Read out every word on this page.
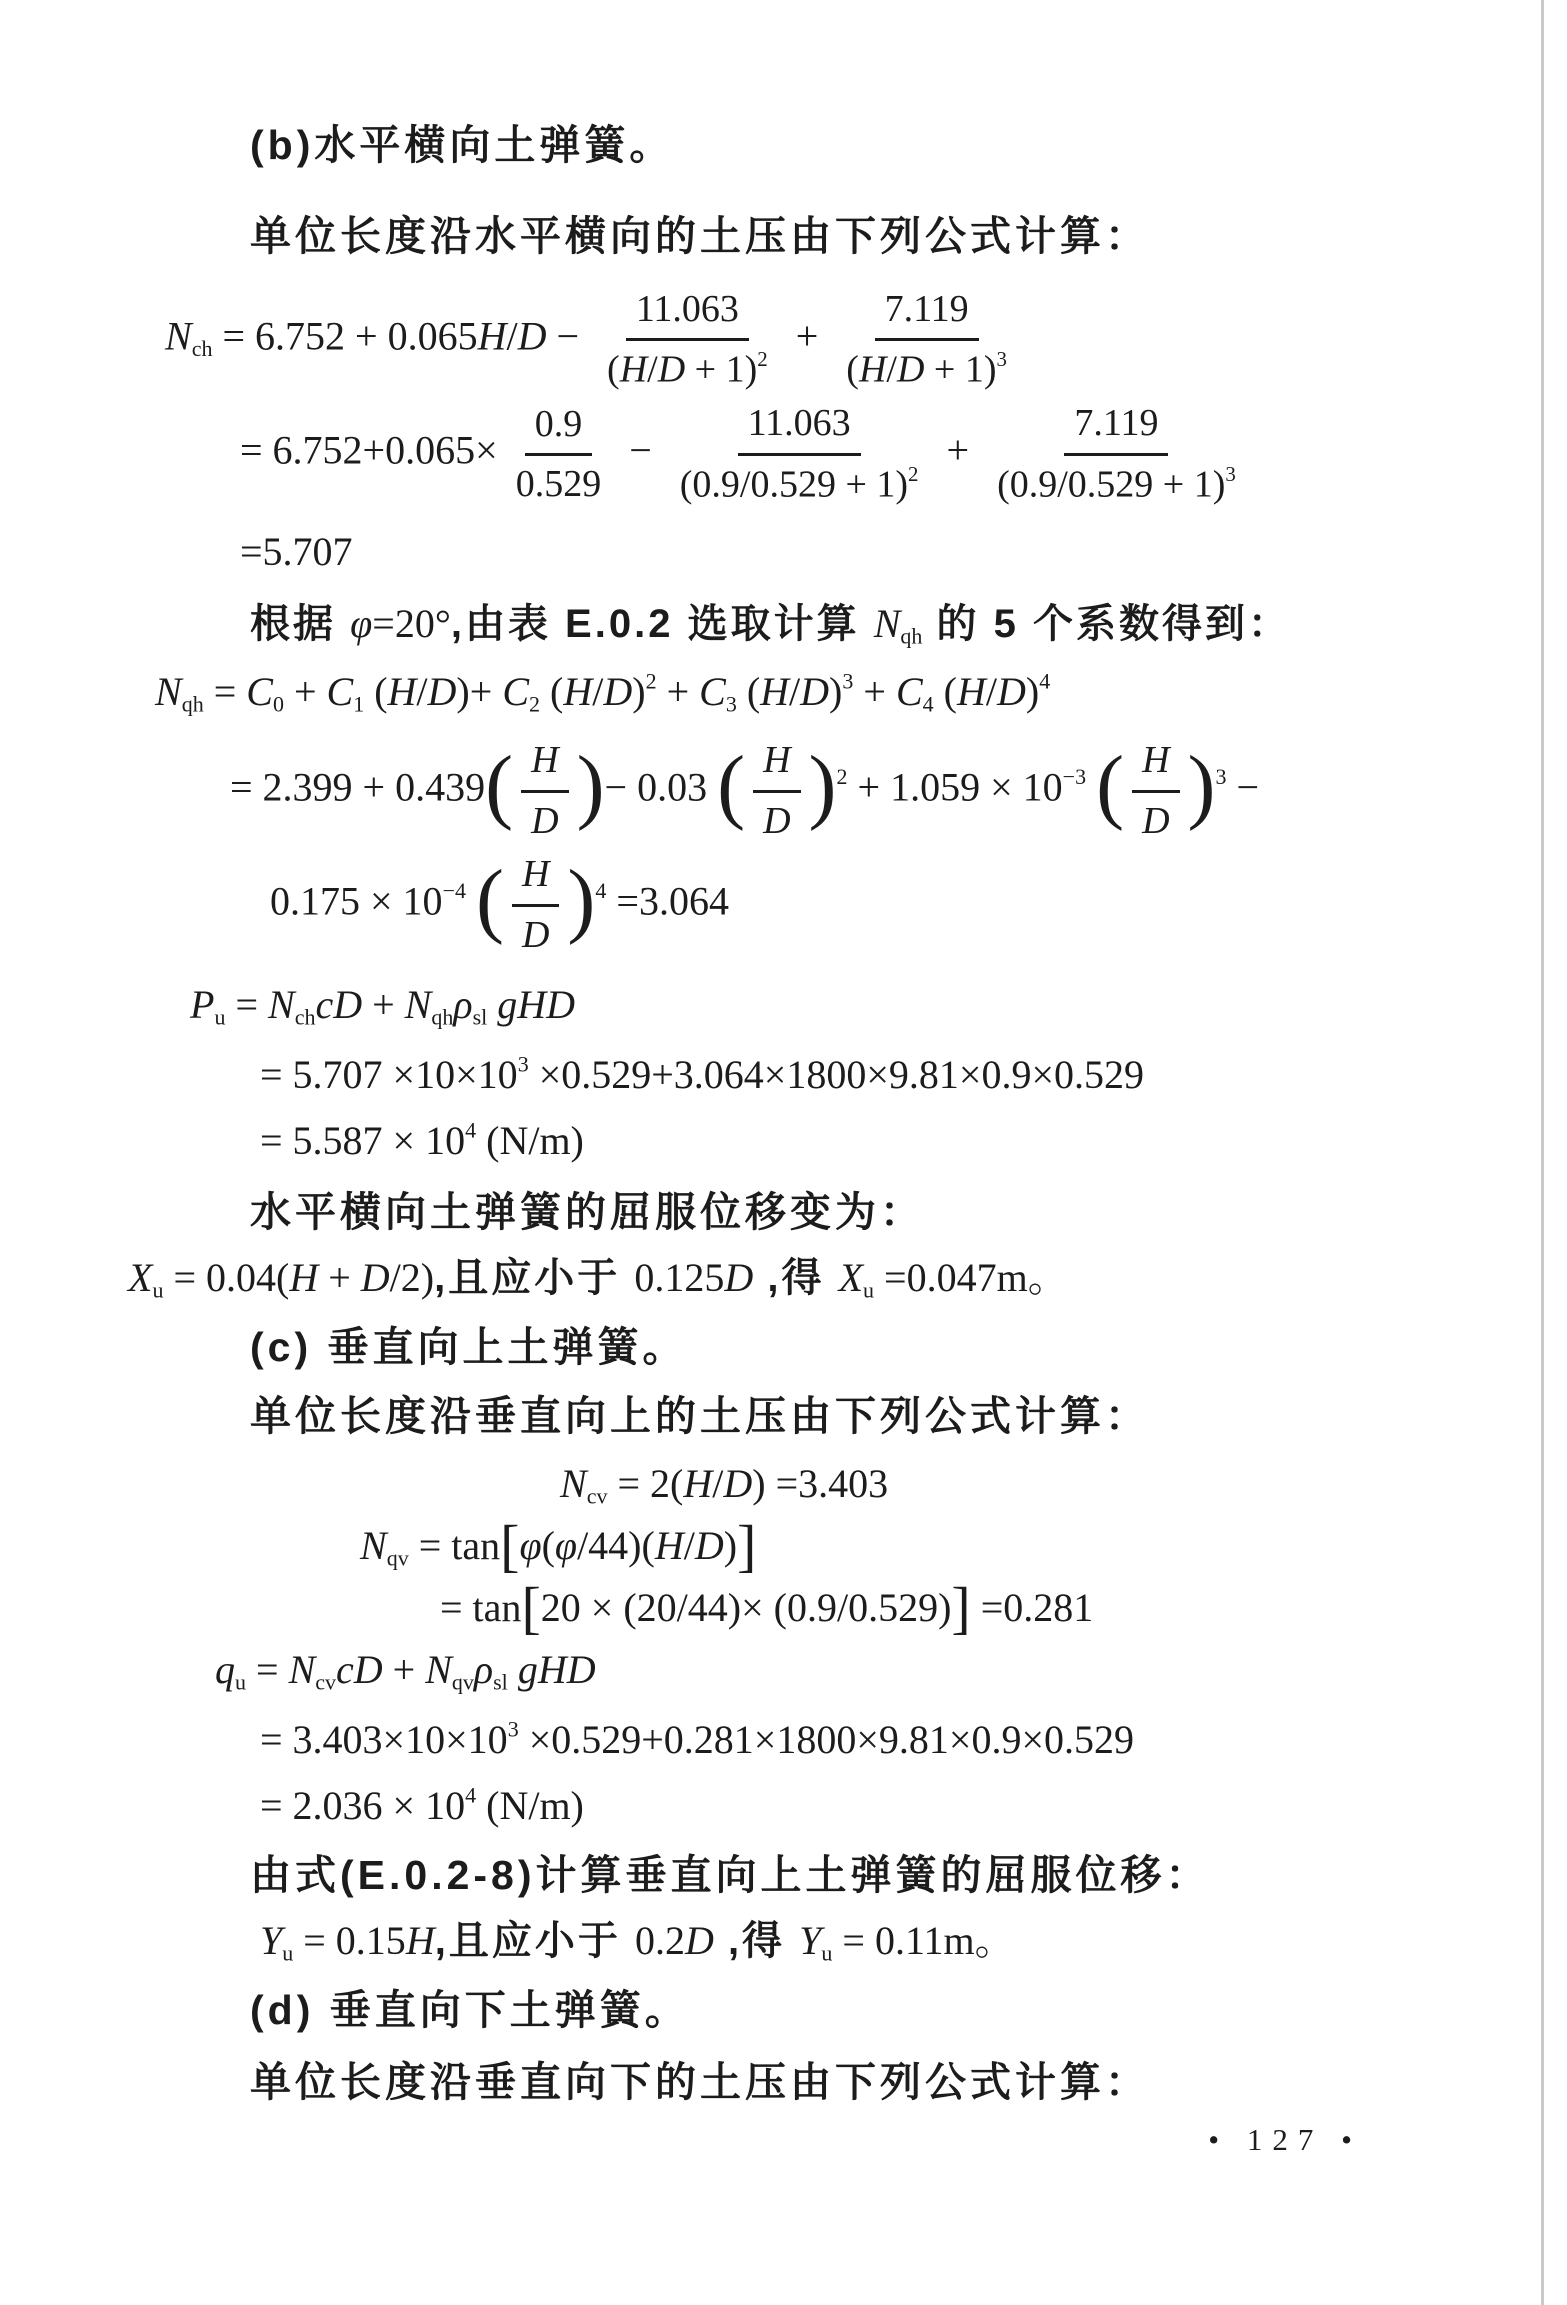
(b)水平横向土弹簧。
单位长度沿水平横向的土压由下列公式计算：
$N_{ch} = 6.752 + 0.065H/D - \frac{11.063}{(H/D + 1)^2} + \frac{7.119}{(H/D + 1)^3}$
= $6.752+0.065\times \frac{0.9}{0.529} - \frac{11.063}{(0.9/0.529 + 1)^2} + \frac{7.119}{(0.9/0.529 + 1)^3}$
=5.707
根据 φ=20°,由表 E.0.2 选取计算 $N_{qh}$ 的 5 个系数得到：
$N_{qh} = C_0 + C_1$ $(H/D)+ C_2$ $(H/D)^2 + C_3$ $(H/D)^3 + C_4$ $(H/D)^4$
= $2.399 + 0.439( \frac{H}{D}$ )− 0.03 ( $\frac{H}{D} )^2 + 1.059 \times 10^{-3}$ ( $\frac{H}{D} )^3$ −
$0.175 \times 10^{-4}$ ( $\frac{H}{D} )^4 =3.064$
$P_u = N_{ch}cD + N_{qh}\rho_{sl}$ gHD
= $5.707 \times 10\times 10^3 \times 0.529+3.064\times 1800\times 9.81\times 0.9\times 0.529$
= $5.587 \times 10^4$ (N/m)
水平横向土弹簧的屈服位移变为：
$X_u = 0.04(H + D/2)$,且应小于 0.125D ,得 $X_u =0.047m$。
(c) 垂直向上土弹簧。
单位长度沿垂直向上的土压由下列公式计算：
$N_{cv} = 2(H/D) =3.403$
$N_{qv} = \tan[\varphi(\varphi/44)(H/D)]$
= tan[20 × (20/44)× (0.9/0.529)] =0.281
$q_u = N_{cv}cD + N_{qv}\rho_{sl}$ gHD
= $3.403\times 10\times 10^3 \times 0.529+0.281\times 1800\times 9.81\times 0.9\times 0.529$
= $2.036 \times 10^4$ (N/m)
由式(E.0.2-8)计算垂直向上土弹簧的屈服位移：
$Y_u = 0.15H$,且应小于 0.2D ,得 $Y_u = 0.11m$。
(d) 垂直向下土弹簧。
单位长度沿垂直向下的土压由下列公式计算：
• 127 •
